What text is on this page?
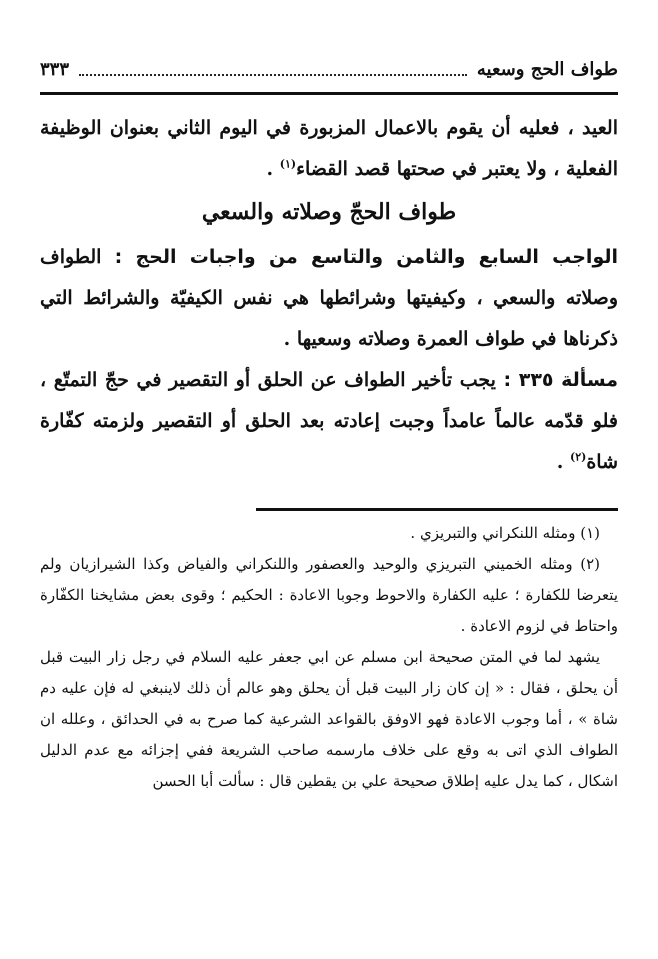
طواف الحج وسعيه
٣٣٣

العيد ، فعليه أن يقوم بالاعمال المزبورة في اليوم الثاني بعنوان الوظيفة الفعلية ، ولا يعتبر في صحتها قصد القضاء$^{(١)}$ .

طواف الحجّ وصلاته والسعي

الواجب السابع والثامن والتاسع من واجبات الحج : الطواف وصلاته والسعي ، وكيفيتها وشرائطها هي نفس الكيفيّة والشرائط التي ذكرناها في طواف العمرة وصلاته وسعيها .

مسألة ٣٣٥ : يجب تأخير الطواف عن الحلق أو التقصير في حجّ التمتّع ، فلو قدّمه عالماً عامداً وجبت إعادته بعد الحلق أو التقصير ولزمته كفّارة شاة$^{(٢)}$ .

(١) ومثله اللنكراني والتبريزي .

(٢) ومثله الخميني التبريزي والوحيد والعصفور واللنكراني والفياض وكذا الشيرازيان ولم يتعرضا للكفارة ؛ عليه الكفارة والاحوط وجوبا الاعادة : الحكيم ؛ وقوى بعض مشايخنا الكفّارة واحتاط في لزوم الاعادة .

يشهد لما في المتن صحيحة ابن مسلم عن ابي جعفر عليه السلام في رجل زار البيت قبل أن يحلق ، فقال : « إن كان زار البيت قبل أن يحلق وهو عالم أن ذلك لاينبغي له فإن عليه دم شاة » ، أما وجوب الاعادة فهو الاوفق بالقواعد الشرعية كما صرح به في الحدائق ، وعلله ان الطواف الذي اتى به وقع على خلاف مارسمه صاحب الشريعة ففي إجزائه مع عدم الدليل اشكال ، كما يدل عليه إطلاق صحيحة علي بن يقطين قال : سألت أبا الحسن
